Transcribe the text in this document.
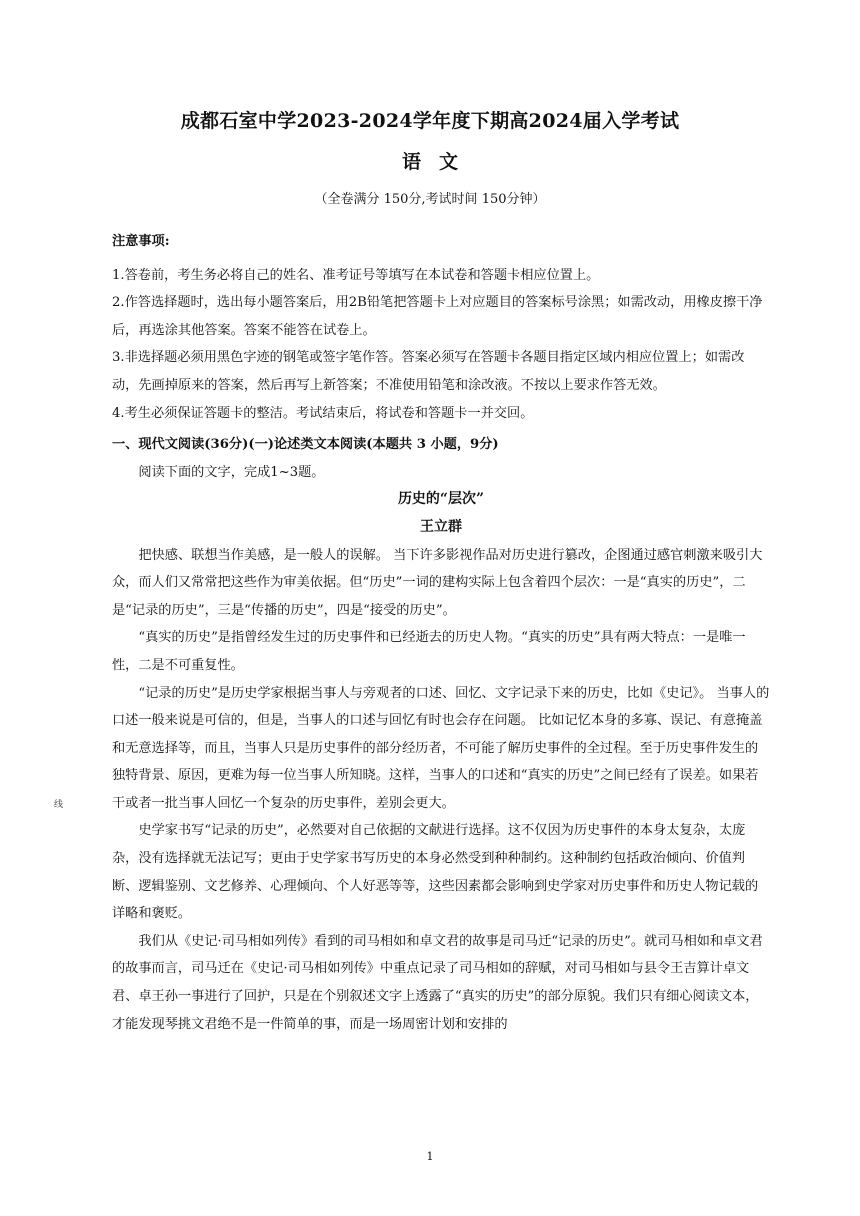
成都石室中学2023-2024学年度下期高2024届入学考试
语文
（全卷满分 150分,考试时间 150分钟）

注意事项:

1.答卷前，考生务必将自己的姓名、准考证号等填写在本试卷和答题卡相应位置上。

2.作答选择题时，选出每小题答案后，用2B铅笔把答题卡上对应题目的答案标号涂黑；如需改动，用橡皮擦干净后，再选涂其他答案。答案不能答在试卷上。

3.非选择题必须用黑色字迹的钢笔或签字笔作答。答案必须写在答题卡各题目指定区域内相应位置上；如需改动，先画掉原来的答案，然后再写上新答案；不准使用铅笔和涂改液。不按以上要求作答无效。

4.考生必须保证答题卡的整洁。考试结束后，将试卷和答题卡一并交回。

一、现代文阅读(36分)(一)论述类文本阅读(本题共 3 小题，9分)

阅读下面的文字，完成1~3题。

历史的“层次”

王立群

把快感、联想当作美感，是一般人的误解。 当下许多影视作品对历史进行篡改，企图通过感官刺激来吸引大众，而人们又常常把这些作为审美依据。但“历史”一词的建构实际上包含着四个层次：一是“真实的历史”，二是“记录的历史”，三是“传播的历史”，四是“接受的历史”。

“真实的历史”是指曾经发生过的历史事件和已经逝去的历史人物。“真实的历史”具有两大特点：一是唯一性，二是不可重复性。

“记录的历史”是历史学家根据当事人与旁观者的口述、回忆、文字记录下来的历史，比如《史记》。 当事人的口述一般来说是可信的，但是，当事人的口述与回忆有时也会存在问题。 比如记忆本身的多寡、误记、有意掩盖和无意选择等，而且，当事人只是历史事件的部分经历者，不可能了解历史事件的全过程。至于历史事件发生的独特背景、原因，更难为每一位当事人所知晓。这样，当事人的口述和“真实的历史”之间已经有了误差。如果若干或者一批当事人回忆一个复杂的历史事件，差别会更大。

史学家书写“记录的历史”，必然要对自己依据的文献进行选择。这不仅因为历史事件的本身太复杂，太庞杂，没有选择就无法记写；更由于史学家书写历史的本身必然受到种种制约。这种制约包括政治倾向、价值判断、逻辑鉴别、文艺修养、心理倾向、个人好恶等等，这些因素都会影响到史学家对历史事件和历史人物记载的详略和褒贬。

我们从《史记·司马相如列传》看到的司马相如和卓文君的故事是司马迁“记录的历史”。就司马相如和卓文君的故事而言，司马迁在《史记·司马相如列传》中重点记录了司马相如的辞赋，对司马相如与县令王吉算计卓文君、卓王孙一事进行了回护，只是在个别叙述文字上透露了“真实的历史”的部分原貌。我们只有细心阅读文本，才能发现琴挑文君绝不是一件简单的事，而是一场周密计划和安排的

线
1
